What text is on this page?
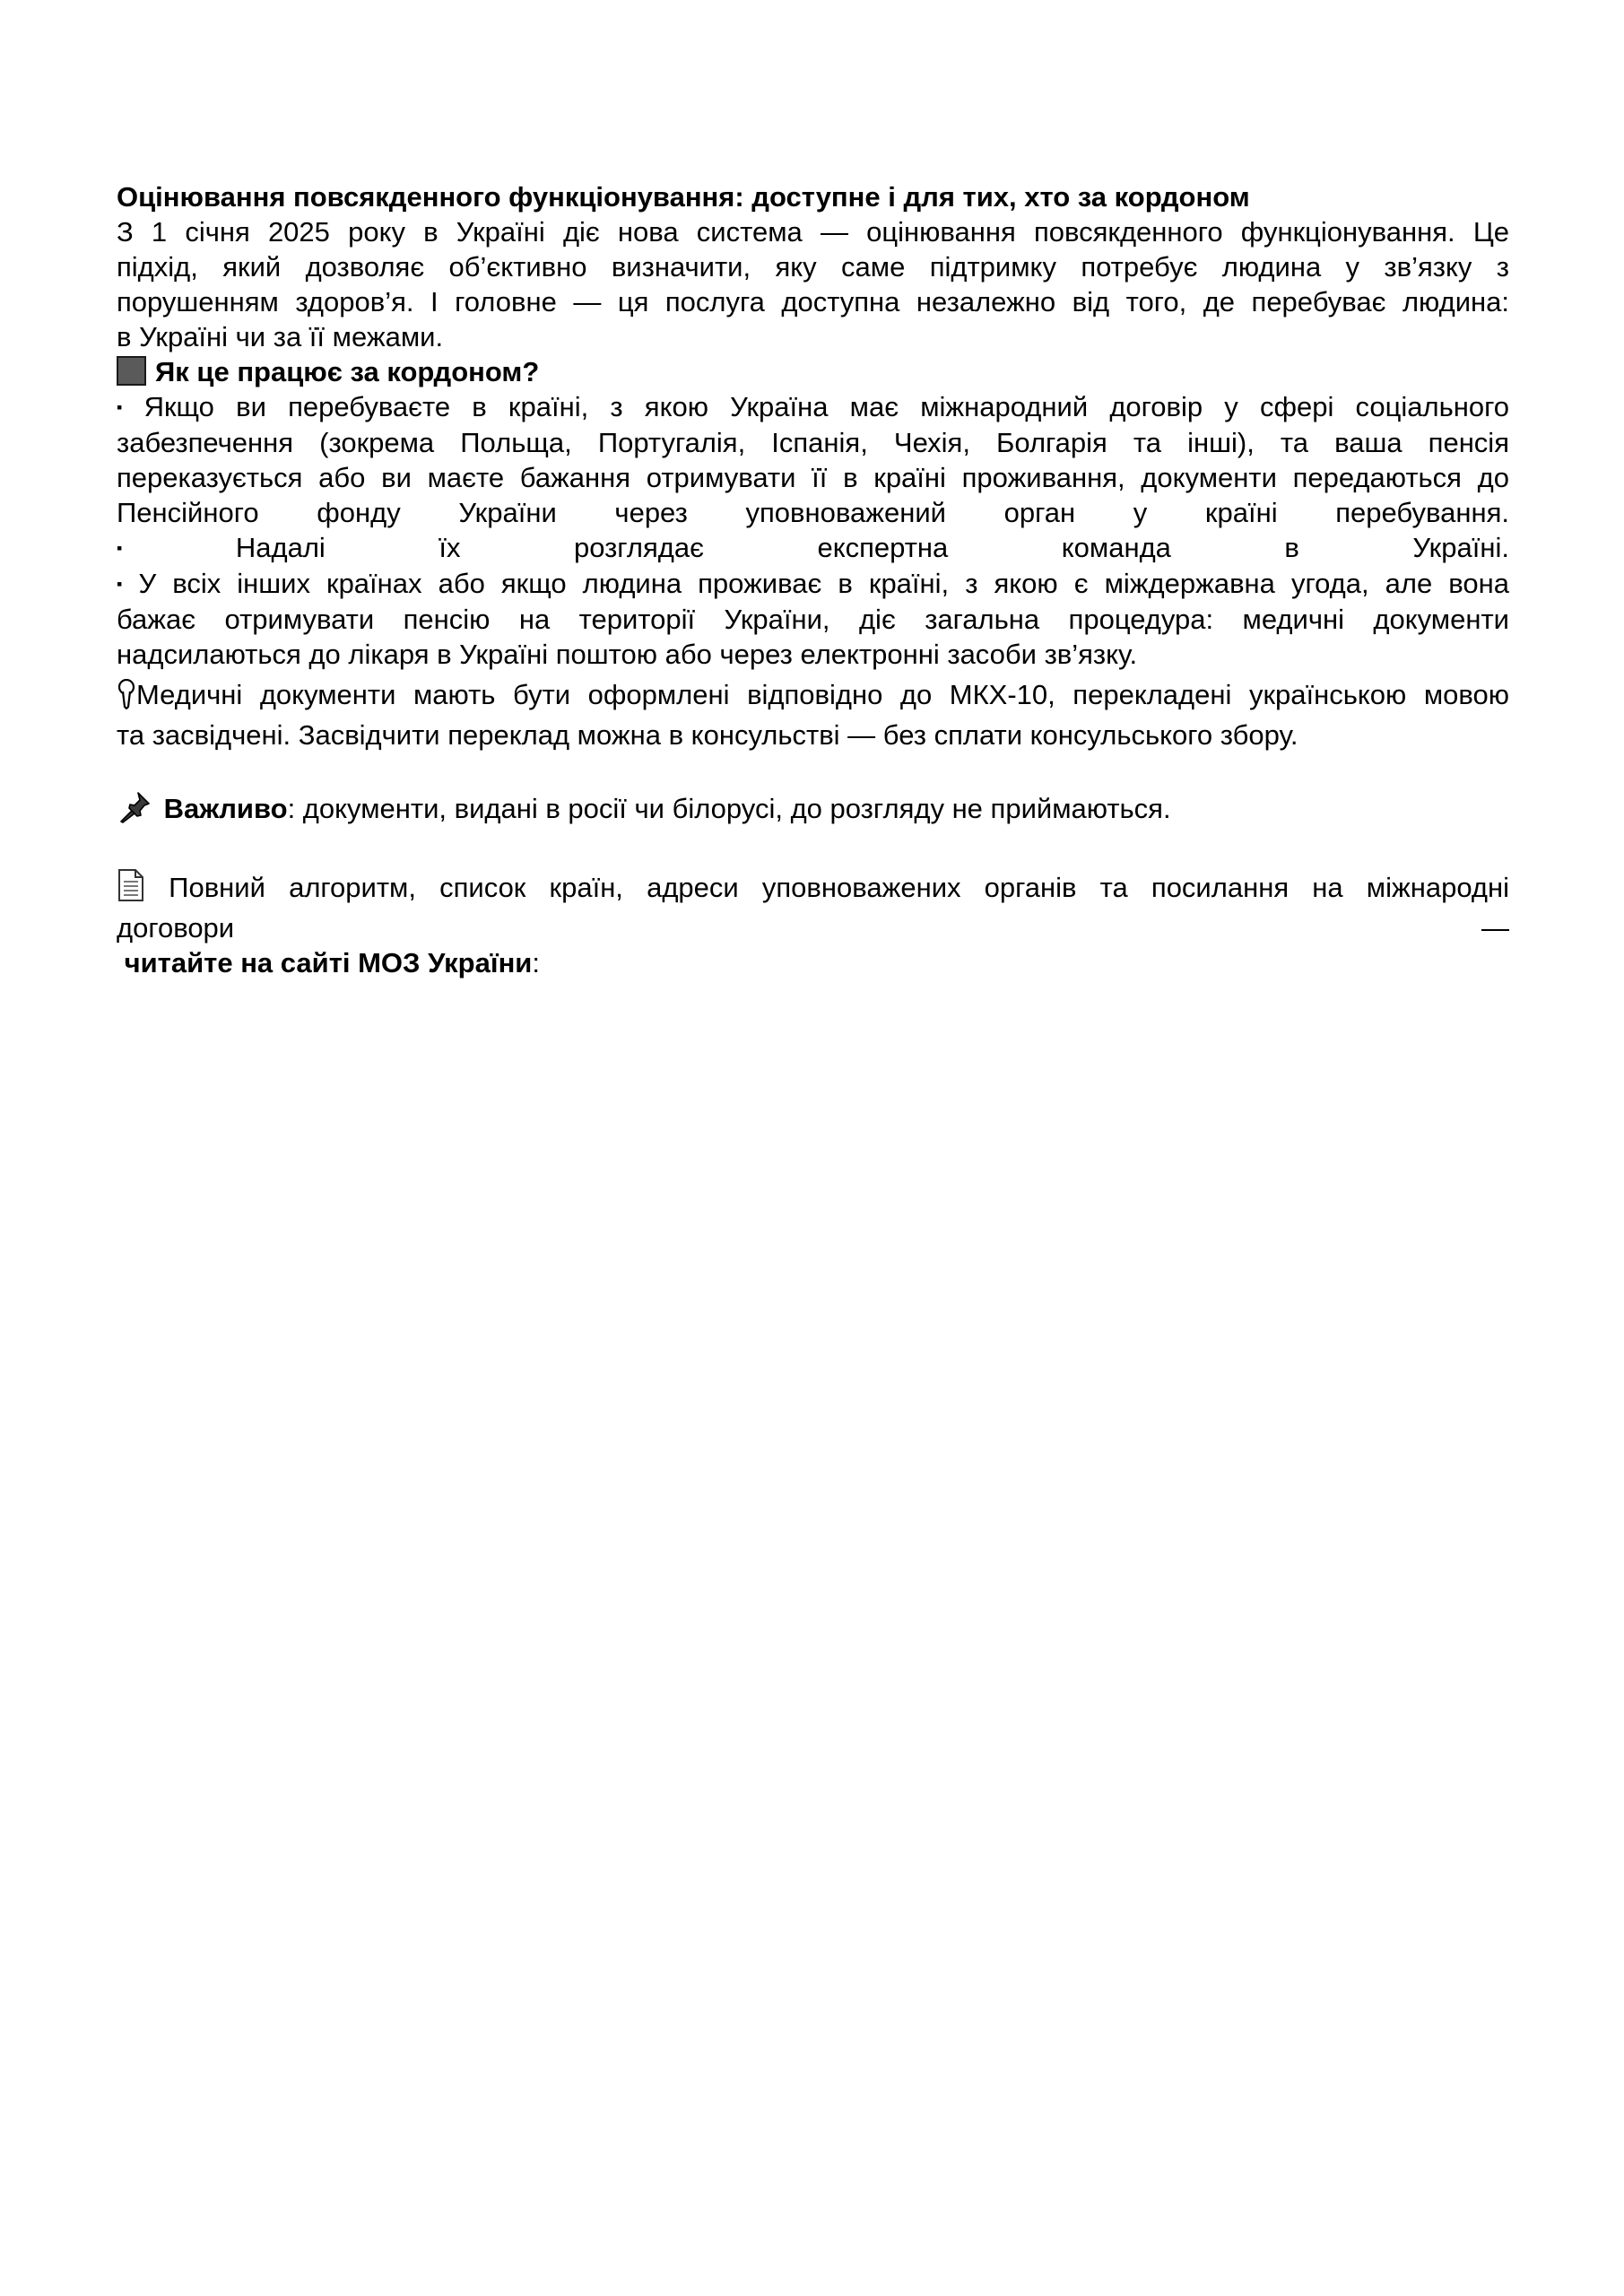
Оцінювання повсякденного функціонування: доступне і для тих, хто за кордоном

З 1 січня 2025 року в Україні діє нова система — оцінювання повсякденного функціонування. Це

підхід, який дозволяє об’єктивно визначити, яку саме підтримку потребує людина у зв’язку з

порушенням здоров’я. І головне — ця послуга доступна незалежно від того, де перебуває людина:

в Україні чи за її межами.

Як це працює за кордоном?

▪ Якщо ви перебуваєте в країні, з якою Україна має міжнародний договір у сфері соціального

забезпечення (зокрема Польща, Португалія, Іспанія, Чехія, Болгарія та інші), та ваша пенсія

переказується або ви маєте бажання отримувати її в країні проживання, документи передаються до

Пенсійного фонду України через уповноважений орган у країні перебування.

▪	Надалі	їх	розглядає	експертна	команда	в	Україні.

▪ У всіх інших країнах або якщо людина проживає в країні, з якою є міждержавна угода, але вона

бажає отримувати пенсію на території України, діє загальна процедура: медичні документи

надсилаються до лікаря в Україні поштою або через електронні засоби зв’язку.

Медичні документи мають бути оформлені відповідно до МКХ-10, перекладені українською мовою

та засвідчені. Засвідчити переклад можна в консульстві — без сплати консульського збору.

Важливо: документи, видані в росії чи білорусі, до розгляду не приймаються.

Повний алгоритм, список країн, адреси уповноважених органів та посилання на міжнародні

договори	—

читайте на сайті МОЗ України:
